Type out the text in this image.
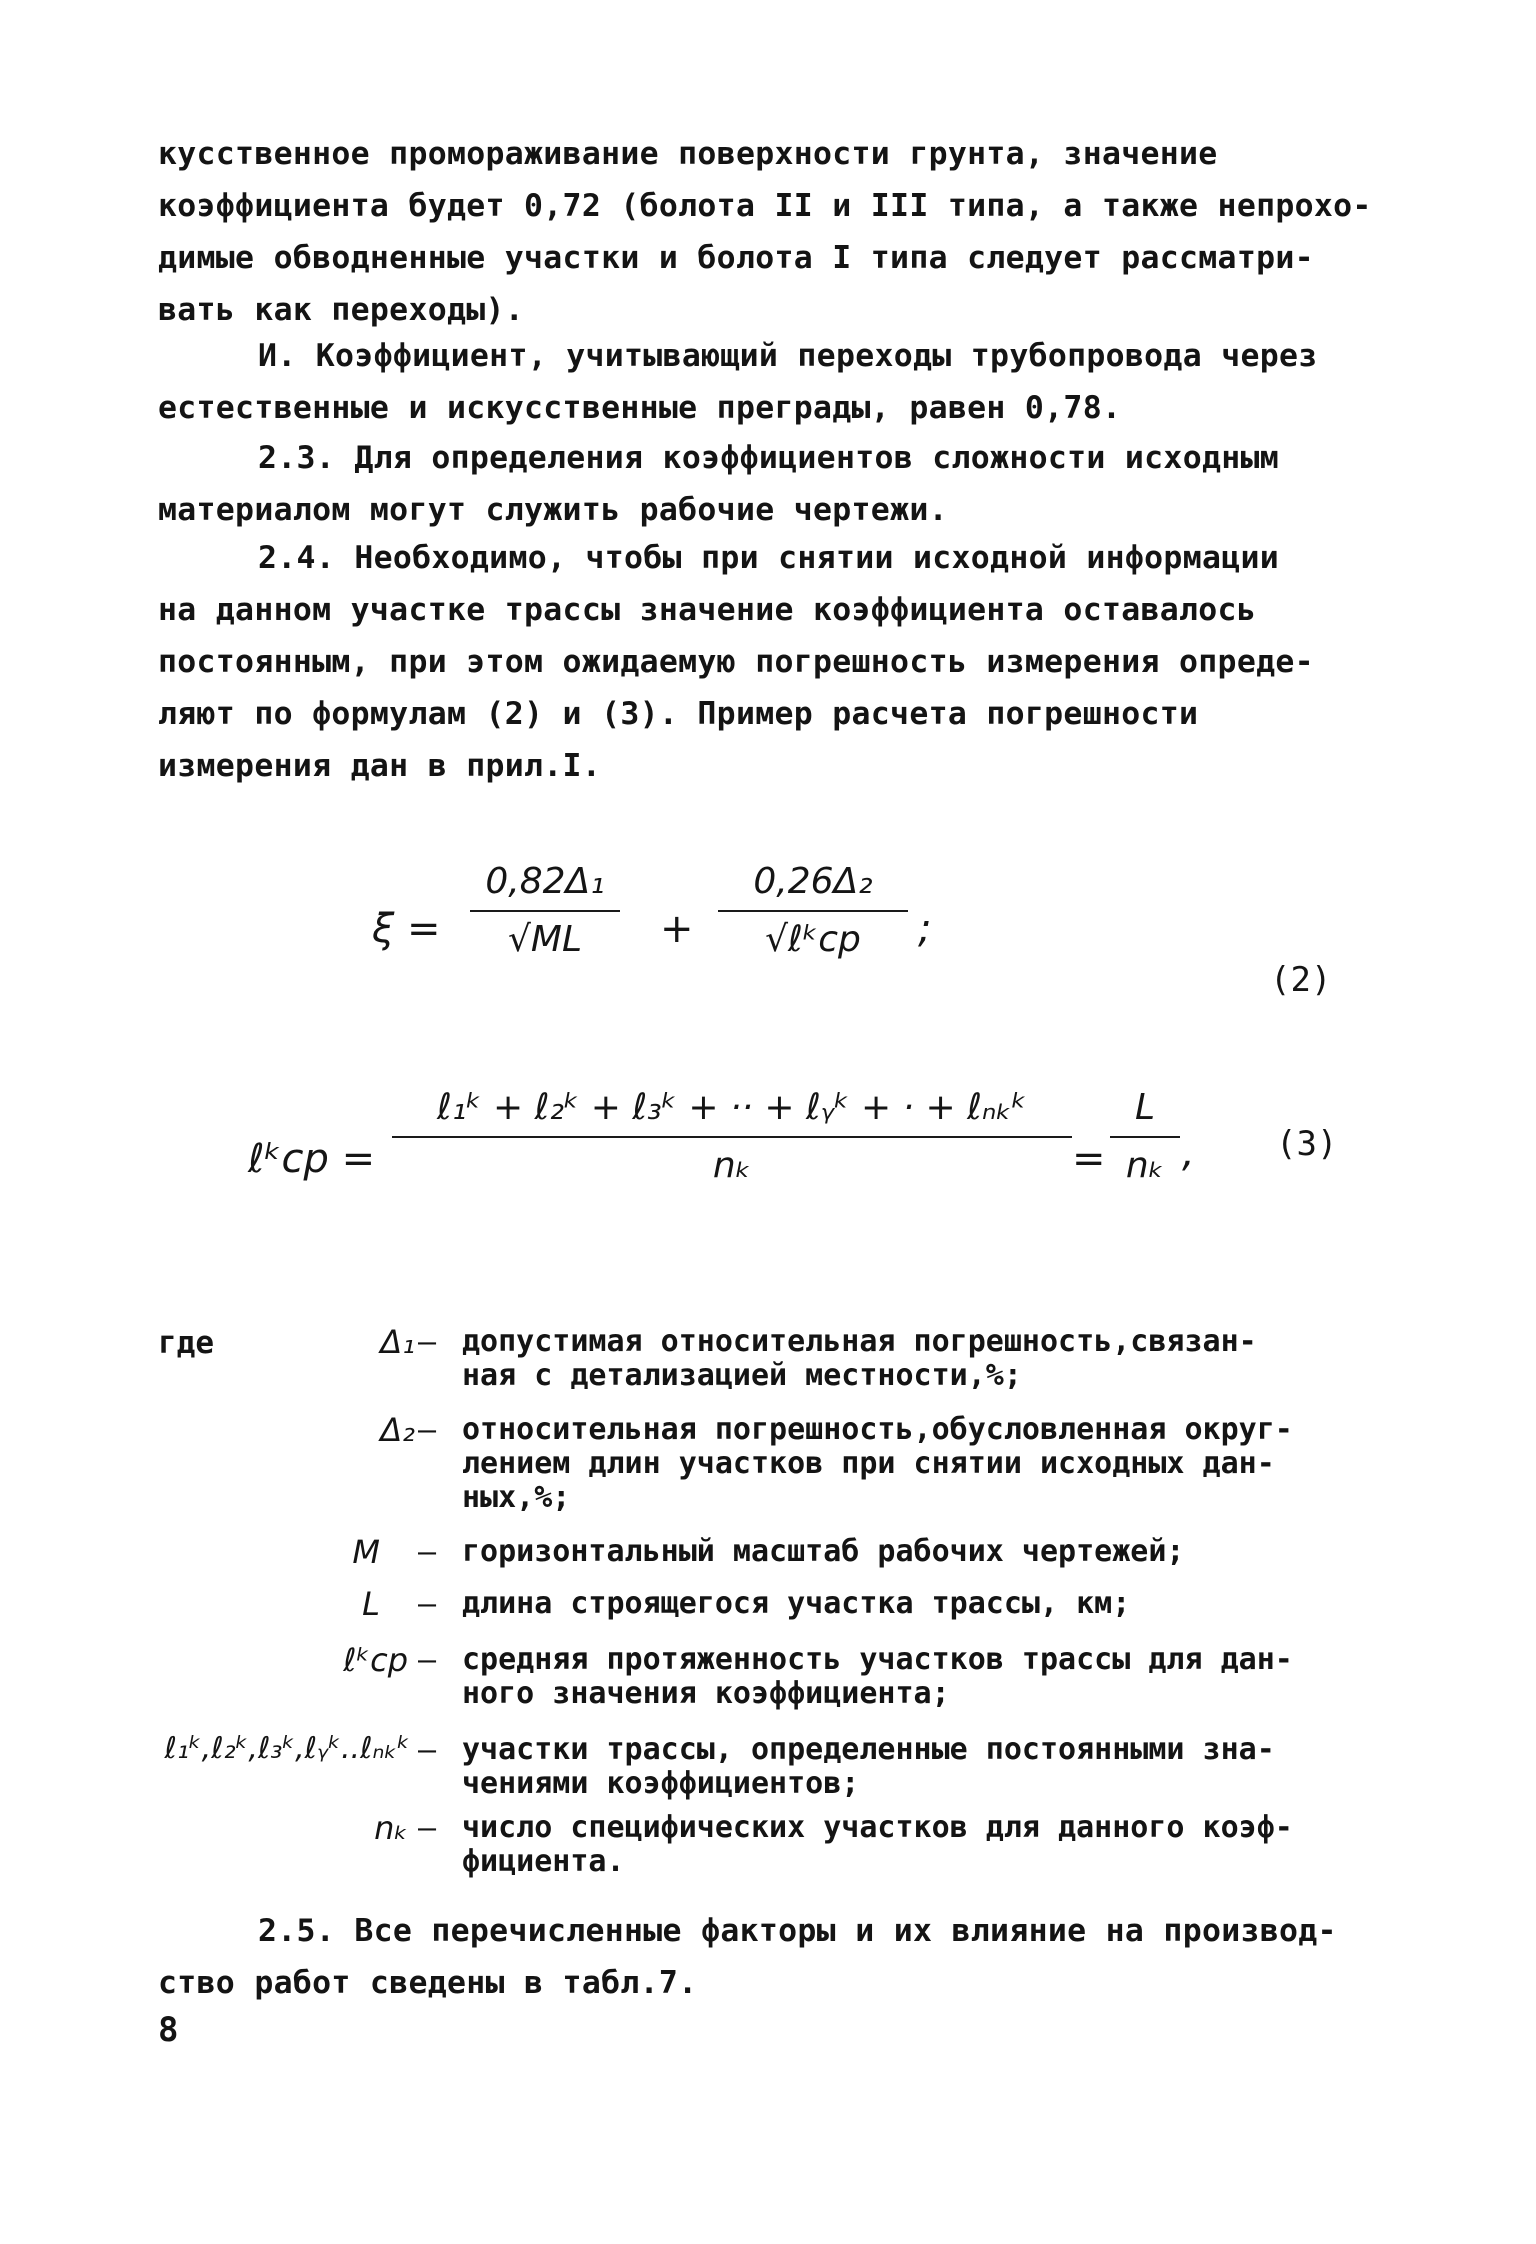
кусственное промораживание поверхности грунта, значение
коэффициента будет 0,72 (болота II и III типа, а также непрохо-
димые обводненные участки и болота I типа следует рассматри-
вать как переходы).
И. Коэффициент, учитывающий переходы трубопровода через
естественные и искусственные преграды, равен 0,78.
2.3. Для определения коэффициентов сложности исходным
материалом могут служить рабочие чертежи.
2.4. Необходимо, чтобы при снятии исходной информации
на данном участке трассы значение коэффициента оставалось
постоянным, при этом ожидаемую погрешность измерения опреде-
ляют по формулам (2) и (3). Пример расчета погрешности
измерения дан в прил.I.
ξ =
0,82Δ₁
√ML	+
0,26Δ₂
√ℓᵏср	;
(2)
ℓᵏср =
ℓ₁ᵏ + ℓ₂ᵏ + ℓ₃ᵏ + ·· + ℓᵧᵏ + · + ℓₙₖᵏ
nₖ	=
L
nₖ , (3)
где	Δ₁ – допустимая относительная погрешность,связан-
ная с детализацией местности,%;
Δ₂ – относительная погрешность,обусловленная округ-
лением длин участков при снятии исходных дан-
ных,%;
M – горизонтальный масштаб рабочих чертежей;
L – длина строящегося участка трассы, км;
ℓᵏср – средняя протяженность участков трассы для дан-
ного значения коэффициента;
ℓ₁ᵏ,ℓ₂ᵏ,ℓ₃ᵏ,ℓᵧᵏ..ℓₙₖᵏ – участки трассы, определенные постоянными зна-
чениями коэффициентов;
nₖ – число специфических участков для данного коэф-
фициента.
2.5. Все перечисленные факторы и их влияние на производ-
ство работ сведены в табл.7.
8
